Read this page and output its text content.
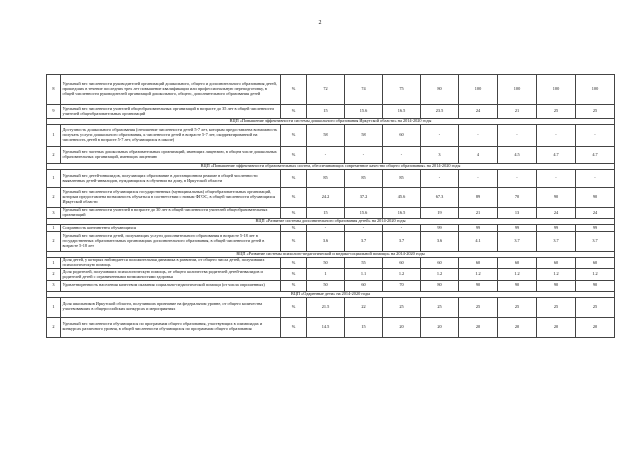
2
8	Удельный вес численности руководителей организаций дошкольного, общего и дополнительного образования детей, прошедших в течение последних трех лет повышение квалификации или профессиональную переподготовку, в общей численности руководителей организаций дошкольного, общего, дополнительного образования детей	%	72	74	75	80	100	100	100	100
9	Удельный вес численности учителей общеобразовательных организаций в возрасте до 35 лет в общей численности учителей общеобразовательных организаций	%	15	15.6	16.5	23.5	24	21	25	25
ВЦП «Повышение эффективности системы дошкольного образования Иркутской области» на 2014-2020 годы										
1	Доступность дошкольного образования (отношение численности детей 5-7 лет, которым предоставлена возможность получать услуги дошкольного образования, к численности детей в возрасте 5-7 лет, скорректированной на численность детей в возрасте 5-7 лет, обучающихся в школе)	%	58	58	60	-	-	-	-	-
2	Удельный вес частных дошкольных образовательных организаций, имеющих лицензию, в общем числе дошкольных образовательных организаций, имеющих лицензию	%	-	-	-	3	4	4.5	4.7	4.7
ВЦП «Повышение эффективности образовательных систем, обеспечивающих современное качество общего образования» на 2014-2020 годы										
1	Удельный вес детей-инвалидов, получающих образование в дистанционном режиме в общей численности выявленных детей-инвалидов, нуждающихся в обучении на дому, в Иркутской области	%	85	85	85	-	-	-	-	-
2	Удельный вес численности обучающихся государственных (муниципальных) общеобразовательных организаций, которым предоставлена возможность обучаться в соответствии с новым ФГОС, в общей численности обучающихся Иркутской области	%	24.2	37.2	45.6	67.3	89	70	90	90
3	Удельный вес численности учителей в возрасте до 30 лет в общей численности учителей общеобразовательных организаций	%	15	15.6	16.5	19	21	13	24	24
ВЦП «Развитие системы дополнительного образования детей» на 2014-2020 годы										
1	Сохранность контингента обучающихся	%	-	-	-	99	99	99	99	99
2	Удельный вес численности детей, получающих услуги дополнительного образования в возрасте 5-18 лет в государственных образовательных организациях дополнительного образования, в общей численности детей в возрасте 5-18 лет	%	3.6	3.7	3.7	3.6	4.1	3.7	3.7	3.7
ВЦП «Развитие системы психолого-педагогической и медико-социальной помощи» на 2014-2020 годы										
1	Доля детей, у которых наблюдается положительная динамика в развитии, от общего числа детей, получивших психологическую помощь	%	50	55	60	60	60	60	60	60
2	Доля родителей, получивших психологическую помощь, от общего количества родителей детей-инвалидов и родителей детей с ограниченными возможностями здоровья	%	1	1.1	1.2	1.2	1.2	1.2	1.2	1.2
3	Удовлетворенность населения качеством оказания социально-педагогической помощи (от числа опрошенных)	%	50	60	70	80	90	90	90	90
ВЦП «Одаренные дети» на 2014-2020 годы										
1	Доля школьников Иркутской области, получивших признание на федеральном уровне, от общего количества участвовавших в общероссийских конкурсах и мероприятиях	%	21.5	22	25	25	25	25	25	25
2	Удельный вес численности обучающихся по программам общего образования, участвующих в олимпиадах и конкурсах различного уровня, в общей численности обучающихся по программам общего образования	%	14.5	15	20	20	20	20	20	20
